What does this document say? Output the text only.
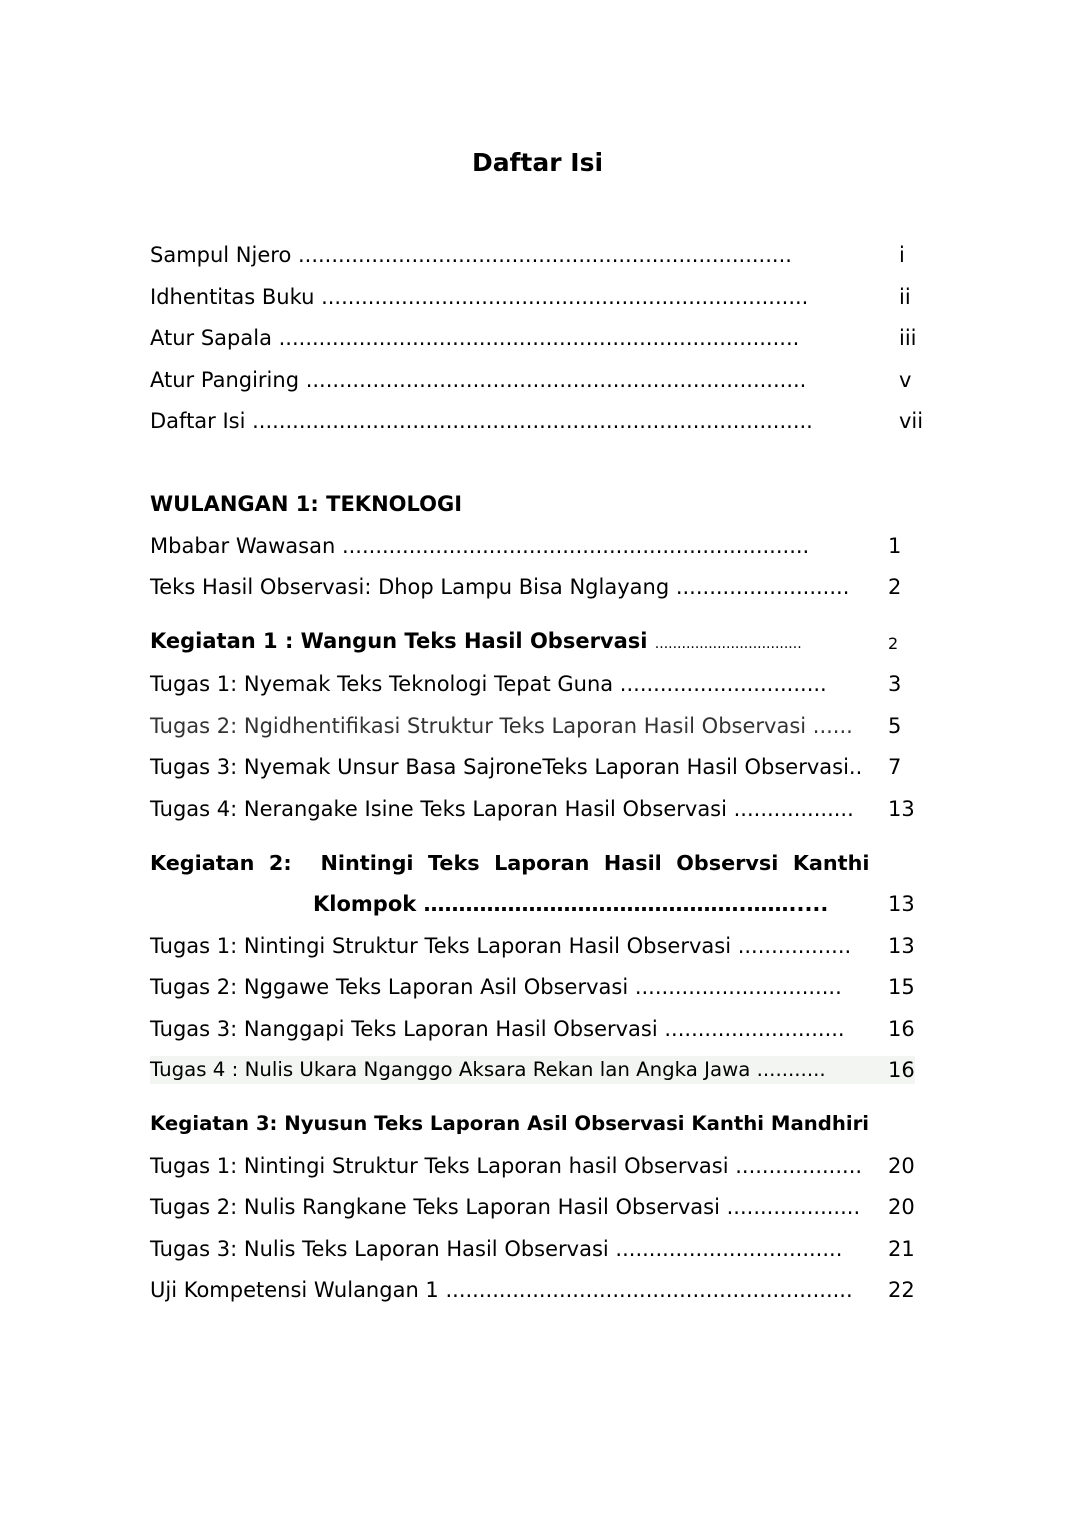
Daftar Isi
Sampul Njero ..........................................................................	i
Idhentitas Buku .........................................................................	ii
Atur Sapala ..............................................................................	iii
Atur Pangiring ...........................................................................	v
Daftar Isi ....................................................................................	vii
WULANGAN 1: TEKNOLOGI
Mbabar Wawasan ......................................................................	1
Teks Hasil Observasi: Dhop Lampu Bisa Nglayang .......................... 2
Kegiatan 1 : Wangun Teks Hasil Observasi .................................	2
Tugas 1: Nyemak Teks Teknologi Tepat Guna ...............................	3
Tugas 2: Ngidhentifikasi Struktur Teks Laporan Hasil Observasi ...... 5
Tugas 3: Nyemak Unsur Basa SajroneTeks Laporan Hasil Observasi.. 7
Tugas 4: Nerangake Isine Teks Laporan Hasil Observasi .................. 13
Kegiatan  2:    Nintingi  Teks  Laporan  Hasil  Observsi  Kanthi
Klompok ……………………………………….…….....	13
Tugas 1: Nintingi Struktur Teks Laporan Hasil Observasi ................. 13
Tugas 2: Nggawe Teks Laporan Asil Observasi ............................... 15
Tugas 3: Nanggapi Teks Laporan Hasil Observasi ........................... 16
Tugas 4 : Nulis Ukara Nganggo Aksara Rekan lan Angka Jawa ...........	16
Kegiatan 3: Nyusun Teks Laporan Asil Observasi Kanthi Mandhiri
Tugas 1: Nintingi Struktur Teks Laporan hasil Observasi ................... 20
Tugas 2: Nulis Rangkane Teks Laporan Hasil Observasi .................... 20
Tugas 3: Nulis Teks Laporan Hasil Observasi .................................. 21
Uji Kompetensi Wulangan 1 ............................................................. 22
